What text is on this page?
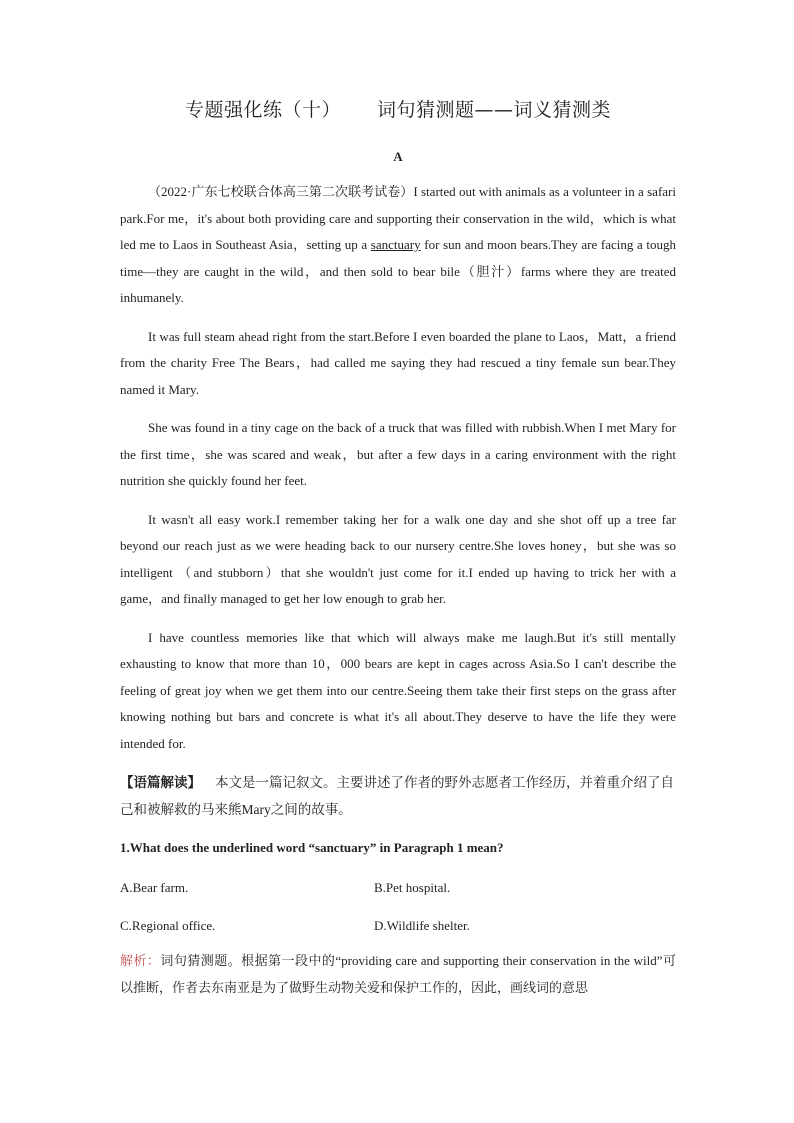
专题强化练（十） 词句猜测题——词义猜测类
A

（2022·广东七校联合体高三第二次联考试卷）I started out with animals as a volunteer in a safari park.For me，it's about both providing care and supporting their conservation in the wild，which is what led me to Laos in Southeast Asia，setting up a sanctuary for sun and moon bears.They are facing a tough time—they are caught in the wild，and then sold to bear bile（胆汁）farms where they are treated inhumanely.

It was full steam ahead right from the start.Before I even boarded the plane to Laos，Matt，a friend from the charity Free The Bears，had called me saying they had rescued a tiny female sun bear.They named it Mary.

She was found in a tiny cage on the back of a truck that was filled with rubbish.When I met Mary for the first time，she was scared and weak，but after a few days in a caring environment with the right nutrition she quickly found her feet.

It wasn't all easy work.I remember taking her for a walk one day and she shot off up a tree far beyond our reach just as we were heading back to our nursery centre.She loves honey，but she was so intelligent （and stubborn）that she wouldn't just come for it.I ended up having to trick her with a game，and finally managed to get her low enough to grab her.

I have countless memories like that which will always make me laugh.But it's still mentally exhausting to know that more than 10，000 bears are kept in cages across Asia.So I can't describe the feeling of great joy when we get them into our centre.Seeing them take their first steps on the grass after knowing nothing but bars and concrete is what it's all about.They deserve to have the life they were intended for.

【语篇解读】 本文是一篇记叙文。主要讲述了作者的野外志愿者工作经历，并着重介绍了自己和被解救的马来熊Mary之间的故事。
1.What does the underlined word “sanctuary” in Paragraph 1 mean?
A.Bear farm.	B.Pet hospital.
C.Regional office.	D.Wildlife shelter.
解析：词句猜测题。根据第一段中的“providing care and supporting their conservation in the wild”可以推断，作者去东南亚是为了做野生动物关爱和保护工作的，因此，画线词的意思
